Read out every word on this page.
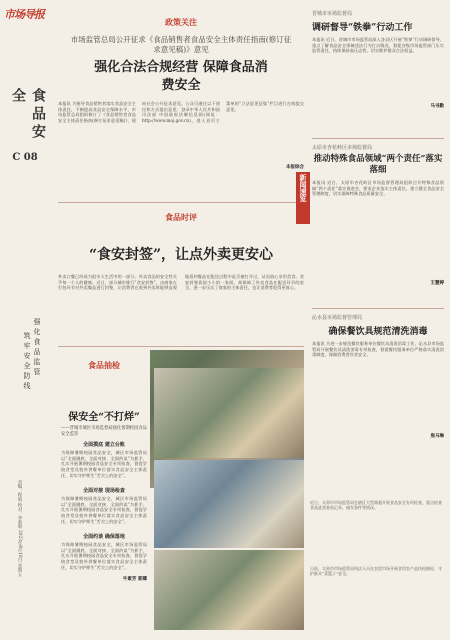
市场导报
食品安全
C 08
强化食品监管
筑牢安全防线
责编：程娟 校对：李新娟 2023年8月18日 星期五
政策关注
市场监管总局公开征求《食品销售者食品安全主体责任指南(修订征求意见稿)》意见
强化合法合规经营 保障食品消费安全
本报讯 为指导食品销售者落实食品安全主体责任，不断提高食品安全保障水平，市场监管总局组织修订了《食品销售者食品安全主体责任指南(修订征求意见稿)》，现向社会公开征求意见。公众可通过以下途径和方式提出意见：登录中华人民共和国司法部 中国政府法制信息网(网址：http://www.moj.gov.cn)，进入首页主菜单的“立法意见征集”栏目进行在线提交意见。
本报综合
食品时评
“食安封签”，让点外卖更安心
外卖订餐已经成为很多人生活中的一部分，外卖食品的安全性关乎每一个人的健康。近日，部分城市推行“食安封签”，由商家在打包环节对外卖餐品进行封签，让消费者在收到外卖时能够直观地看到餐品在配送过程中是否被打开过，从而放心享用美食。食安封签看似小小的一张纸，却保障了外卖食品在配送环节的安全，进一步压实了商家的主体责任，也让消费者吃得更放心。
食品抽检
保安全“不打烊”
——晋城市城区市场监督局强化暑期校园食品安全监管
全面摸底 建立台账
为保障暑期校园食品安全，城区市场监管局以“全面摸底、全面对接、全面约谈”为抓手，扎实开展暑期校园食品安全专项检查，督促学校食堂及校外供餐单位落实食品安全主体责任，切实守护师生“舌尖上的安全”。
全面对接 现场检查
为保障暑期校园食品安全，城区市场监管局以“全面摸底、全面对接、全面约谈”为抓手，扎实开展暑期校园食品安全专项检查，督促学校食堂及校外供餐单位落实食品安全主体责任，切实守护师生“舌尖上的安全”。
全面约谈 确保落地
为保障暑期校园食品安全，城区市场监管局以“全面摸底、全面对接、全面约谈”为抓手，扎实开展暑期校园食品安全专项检查，督促学校食堂及校外供餐单位落实食品安全主体责任，切实守护师生“舌尖上的安全”。
牛素芳 郭卿
近日，太原市市场监管局在辖区大型商超开展食品安全专项检查，重点检查食品进货查验记录、储存条件等情况。
日前，太原市市场监管局执法人员在农贸市场开展食用农产品快检抽检，守护群众“菜篮子”安全。
新闻速览
晋城市市场监督局
调研督导“铁拳”行动工作
本报讯 近日，晋城市市场监管局深入各县区开展“铁拳”行动调研督导，重点了解食品安全领域违法行为打击情况，督促各级市场监管部门压实监管责任，持续保持高压态势，切实维护群众合法权益。
马书勤
太原市杏花岭区市场监督局
推动特殊食品领域“两个责任”落实落细
本报讯 近日，太原市杏花岭区市场监督管理局组织召开特殊食品领域“两个责任”落实推进会，要求企业落实主体责任，建立健全食品安全管理制度，切实保障特殊食品质量安全。
王慧婷
沁水县市场监督管理局
确保餐饮具规范清洗消毒
本报讯 为进一步规范餐饮服务单位餐饮具清洗消毒工作，沁水县市场监管局开展餐饮具清洗消毒专项检查，督促餐饮服务单位严格落实清洗消毒制度，保障消费者饮食安全。
焦马琳
